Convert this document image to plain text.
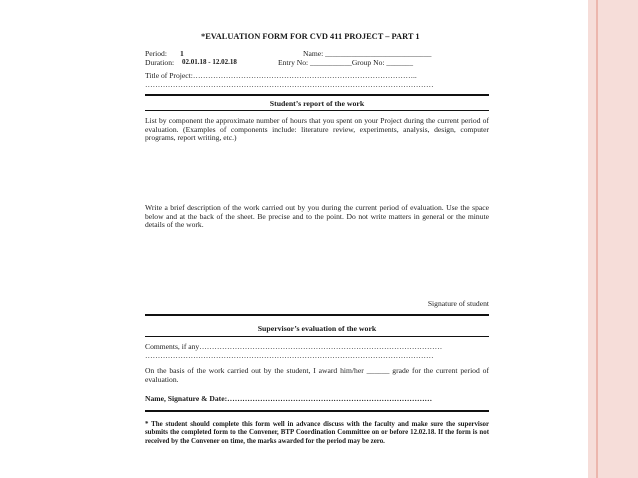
*EVALUATION FORM FOR CVD 411 PROJECT – PART 1
Period: 1	Name: ____________________________
Duration: 02.01.18 - 12.02.18	Entry No: ___________Group No: _______
Title of Project:……………………………………………………………………………..
……………………………………………………………………………………………………
Student’s report of the work
List by component the approximate number of hours that you spent on your Project during the current period of evaluation. (Examples of components include: literature review, experiments, analysis, design, computer programs, report writing, etc.)
Write a brief description of the work carried out by you during the current period of evaluation. Use the space below and at the back of the sheet. Be precise and to the point. Do not write matters in general or the minute details of the work.
Signature of student
Supervisor’s evaluation of the work
Comments, if any……………………………………………………………………………………
……………………………………………………………………………………………………
On the basis of the work carried out by the student, I award him/her ______ grade for the current period of evaluation.
Name, Signature & Date:………………………………………………………………………
* The student should complete this form well in advance discuss with the faculty and make sure the supervisor submits the completed form to the Convener, BTP Coordination Committee on or before 12.02.18. If the form is not received by the Convener on time, the marks awarded for the period may be zero.
